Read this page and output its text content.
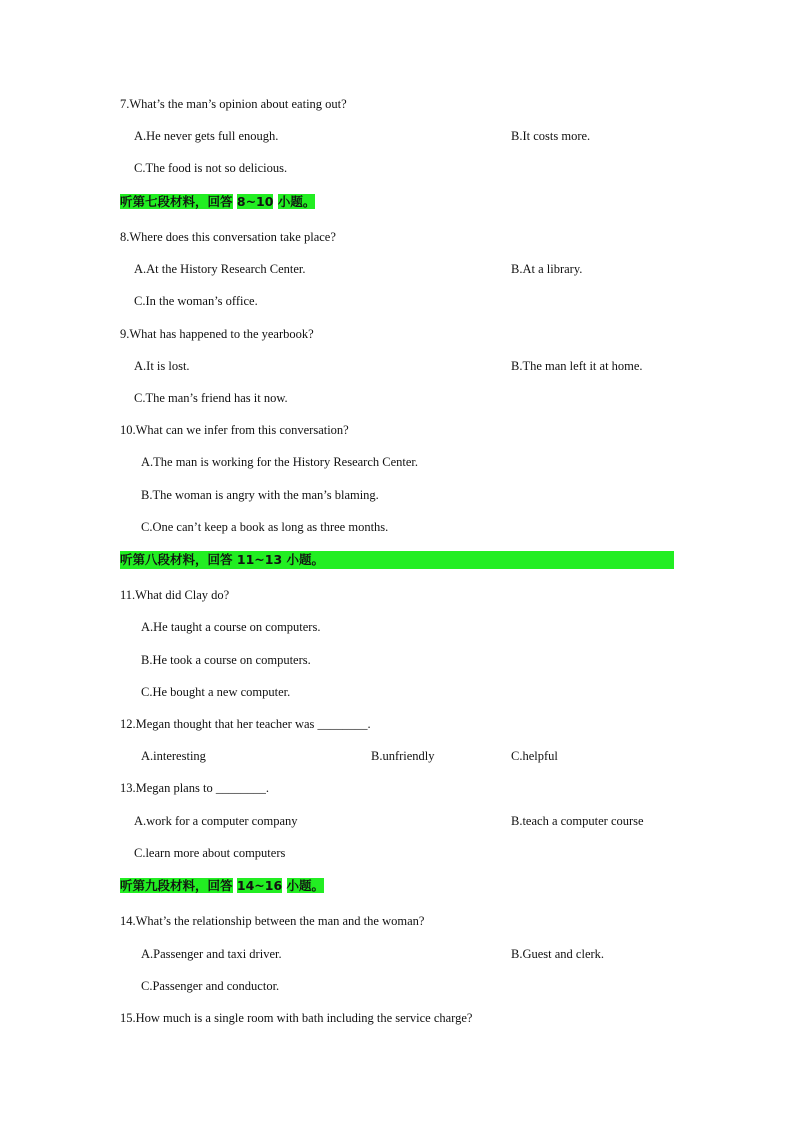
7.What’s the man’s opinion about eating out?
A.He never gets full enough.	B.It costs more.
C.The food is not so delicious.
听第七段材料，回答 8~10 小题。
8.Where does this conversation take place?
A.At the History Research Center.	B.At a library.
C.In the woman’s office.
9.What has happened to the yearbook?
A.It is lost.	B.The man left it at home.
C.The man’s friend has it now.
10.What can we infer from this conversation?
A.The man is working for the History Research Center.
B.The woman is angry with the man’s blaming.
C.One can’t keep a book as long as three months.
听第八段材料，回答 11~13 小题。
11.What did Clay do?
A.He taught a course on computers.
B.He took a course on computers.
C.He bought a new computer.
12.Megan thought that her teacher was ________.
A.interesting	B.unfriendly	C.helpful
13.Megan plans to ________.
A.work for a computer company	B.teach a computer course
C.learn more about computers
听第九段材料，回答 14~16 小题。
14.What’s the relationship between the man and the woman?
A.Passenger and taxi driver.	B.Guest and clerk.
C.Passenger and conductor.
15.How much is a single room with bath including the service charge?
